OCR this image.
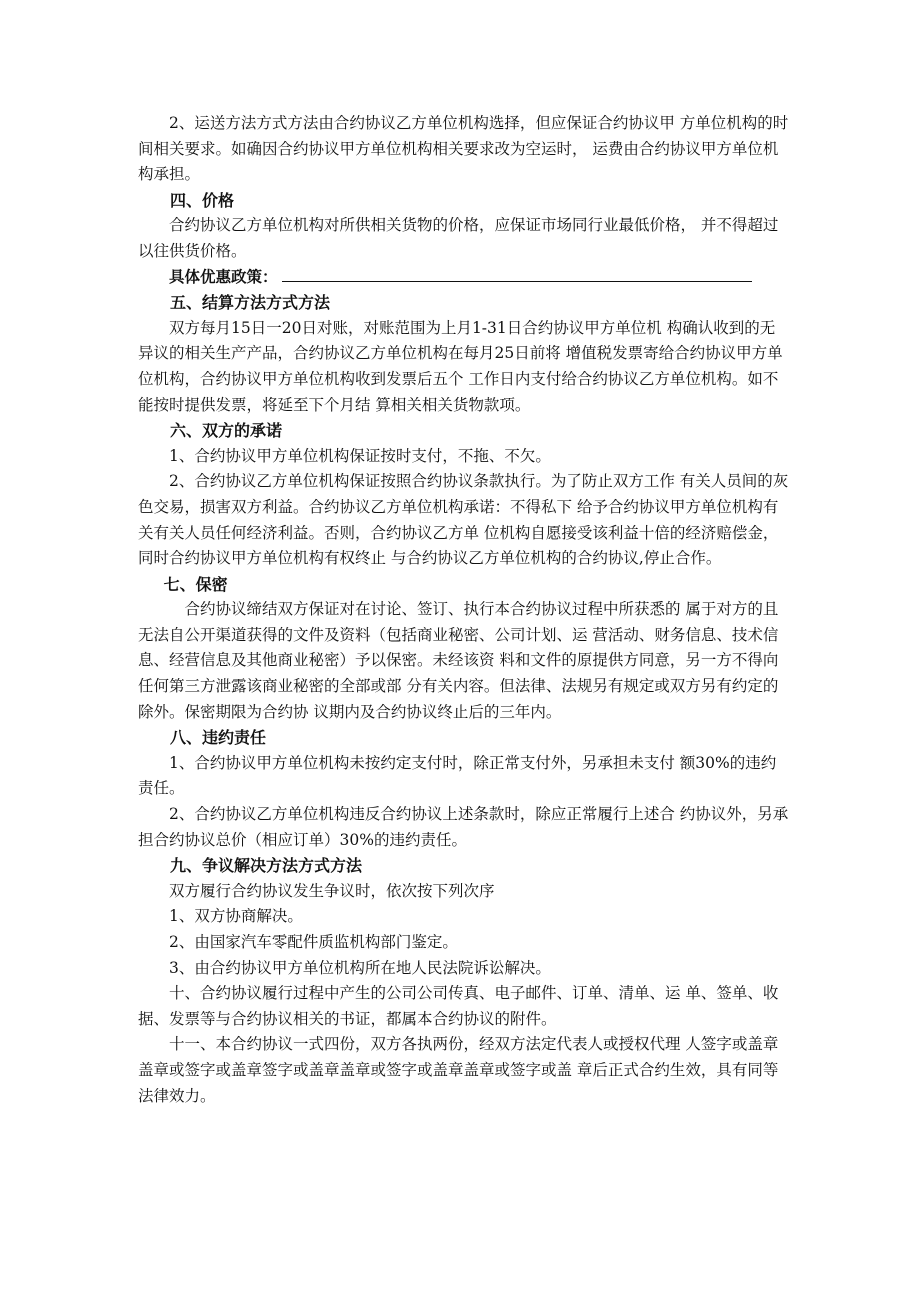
2、运送方法方式方法由合约协议乙方单位机构选择，但应保证合约协议甲 方单位机构的时间相关要求。如确因合约协议甲方单位机构相关要求改为空运时， 运费由合约协议甲方单位机构承担。

四、价格

合约协议乙方单位机构对所供相关货物的价格，应保证市场同行业最低价格， 并不得超过以往供货价格。

具体优惠政策：

五、结算方法方式方法

双方每月15日一20日对账，对账范围为上月1-31日合约协议甲方单位机 构确认收到的无异议的相关生产产品，合约协议乙方单位机构在每月25日前将 增值税发票寄给合约协议甲方单位机构，合约协议甲方单位机构收到发票后五个 工作日内支付给合约协议乙方单位机构。如不能按时提供发票，将延至下个月结 算相关相关货物款项。

六、双方的承诺

1、合约协议甲方单位机构保证按时支付，不拖、不欠。

2、合约协议乙方单位机构保证按照合约协议条款执行。为了防止双方工作 有关人员间的灰色交易，损害双方利益。合约协议乙方单位机构承诺：不得私下 给予合约协议甲方单位机构有关有关人员任何经济利益。否则，合约协议乙方单 位机构自愿接受该利益十倍的经济赔偿金，同时合约协议甲方单位机构有权终止 与合约协议乙方单位机构的合约协议,停止合作。

七、保密

合约协议缔结双方保证对在讨论、签订、执行本合约协议过程中所获悉的 属于对方的且无法自公开渠道获得的文件及资料（包括商业秘密、公司计划、运 营活动、财务信息、技术信息、经营信息及其他商业秘密）予以保密。未经该资 料和文件的原提供方同意，另一方不得向任何第三方泄露该商业秘密的全部或部 分有关内容。但法律、法规另有规定或双方另有约定的除外。保密期限为合约协 议期内及合约协议终止后的三年内。

八、违约责任

1、合约协议甲方单位机构未按约定支付时，除正常支付外，另承担未支付 额30%的违约责任。

2、合约协议乙方单位机构违反合约协议上述条款时，除应正常履行上述合 约协议外，另承担合约协议总价（相应订单）30%的违约责任。

九、争议解决方法方式方法

双方履行合约协议发生争议时，依次按下列次序

1、双方协商解决。

2、由国家汽车零配件质监机构部门鉴定。

3、由合约协议甲方单位机构所在地人民法院诉讼解决。

十、合约协议履行过程中产生的公司公司传真、电子邮件、订单、清单、运 单、签单、收据、发票等与合约协议相关的书证，都属本合约协议的附件。

十一、本合约协议一式四份，双方各执两份，经双方法定代表人或授权代理 人签字或盖章盖章或签字或盖章签字或盖章盖章或签字或盖章盖章或签字或盖 章后正式合约生效，具有同等法律效力。
